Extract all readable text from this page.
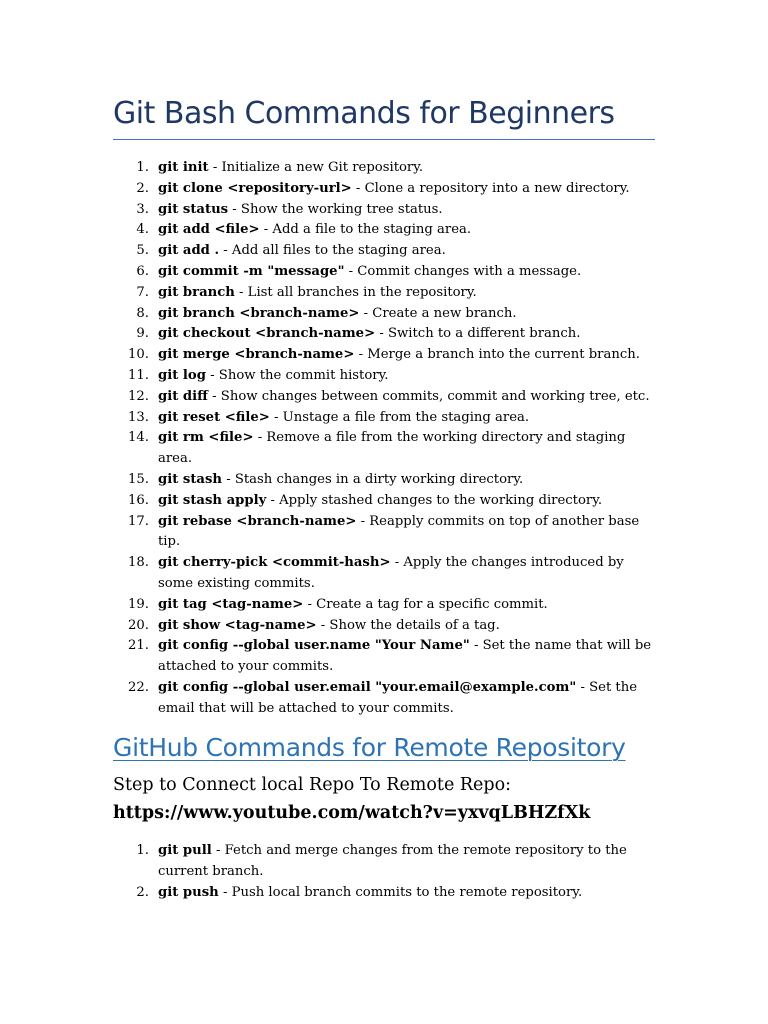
Git Bash Commands for Beginners
1. git init - Initialize a new Git repository.
2. git clone <repository-url> - Clone a repository into a new directory.
3. git status - Show the working tree status.
4. git add <file> - Add a file to the staging area.
5. git add . - Add all files to the staging area.
6. git commit -m "message" - Commit changes with a message.
7. git branch - List all branches in the repository.
8. git branch <branch-name> - Create a new branch.
9. git checkout <branch-name> - Switch to a different branch.
10. git merge <branch-name> - Merge a branch into the current branch.
11. git log - Show the commit history.
12. git diff - Show changes between commits, commit and working tree, etc.
13. git reset <file> - Unstage a file from the staging area.
14. git rm <file> - Remove a file from the working directory and staging area.
15. git stash - Stash changes in a dirty working directory.
16. git stash apply - Apply stashed changes to the working directory.
17. git rebase <branch-name> - Reapply commits on top of another base tip.
18. git cherry-pick <commit-hash> - Apply the changes introduced by some existing commits.
19. git tag <tag-name> - Create a tag for a specific commit.
20. git show <tag-name> - Show the details of a tag.
21. git config --global user.name "Your Name" - Set the name that will be attached to your commits.
22. git config --global user.email "your.email@example.com" - Set the email that will be attached to your commits.
GitHub Commands for Remote Repository

Step to Connect local Repo To Remote Repo:

https://www.youtube.com/watch?v=yxvqLBHZfXk

1. git pull - Fetch and merge changes from the remote repository to the current branch.
2. git push - Push local branch commits to the remote repository.
